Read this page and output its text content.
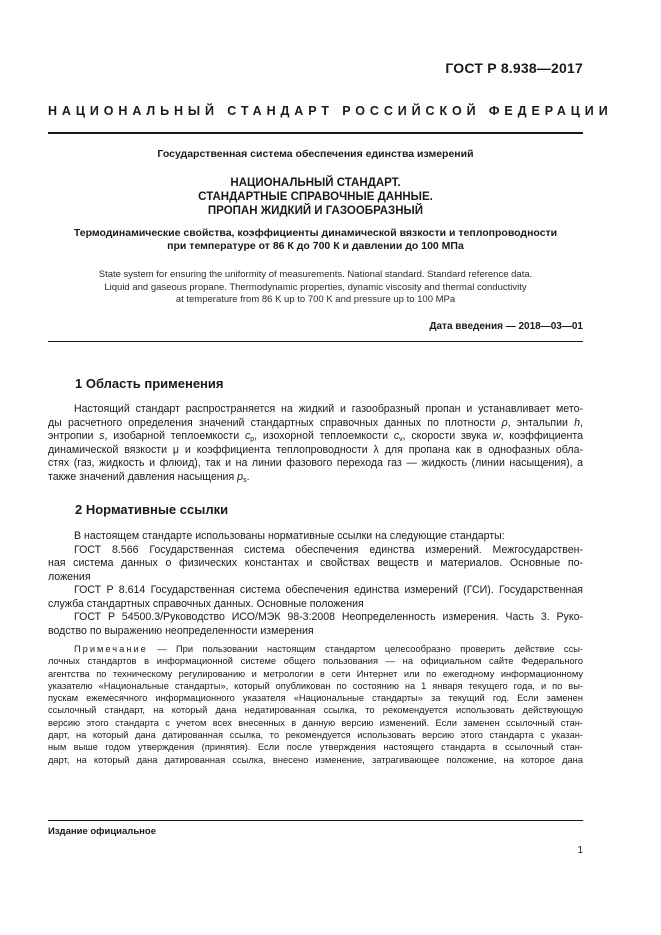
ГОСТ Р 8.938—2017
НАЦИОНАЛЬНЫЙ СТАНДАРТ РОССИЙСКОЙ ФЕДЕРАЦИИ
Государственная система обеспечения единства измерений
НАЦИОНАЛЬНЫЙ СТАНДАРТ.
СТАНДАРТНЫЕ СПРАВОЧНЫЕ ДАННЫЕ.
ПРОПАН ЖИДКИЙ И ГАЗООБРАЗНЫЙ
Термодинамические свойства, коэффициенты динамической вязкости и теплопроводности
при температуре от 86 К до 700 К и давлении до 100 МПа
State system for ensuring the uniformity of measurements. National standard. Standard reference data.
Liquid and gaseous propane. Thermodynamic properties, dynamic viscosity and thermal conductivity
at temperature from 86 K up to 700 K and pressure up to 100 MPa
Дата введения — 2018—03—01
1 Область применения
Настоящий стандарт распространяется на жидкий и газообразный пропан и устанавливает мето-
ды расчетного определения значений стандартных справочных данных по плотности ρ, энтальпии h,
энтропии s, изобарной теплоемкости $c_p$, изохорной теплоемкости $c_v$, скорости звука w, коэффициента
динамической вязкости μ и коэффициента теплопроводности λ для пропана как в однофазных обла-
стях (газ, жидкость и флюид), так и на линии фазового перехода газ — жидкость (линии насыщения), а
также значений давления насыщения $p_s$.
2 Нормативные ссылки
В настоящем стандарте использованы нормативные ссылки на следующие стандарты:
ГОСТ 8.566 Государственная система обеспечения единства измерений. Межгосударствен-
ная система данных о физических константах и свойствах веществ и материалов. Основные по-
ложения
ГОСТ Р 8.614 Государственная система обеспечения единства измерений (ГСИ). Государственная
служба стандартных справочных данных. Основные положения
ГОСТ Р 54500.3/Руководство ИСО/МЭК 98-3:2008 Неопределенность измерения. Часть 3. Руко-
водство по выражению неопределенности измерения
Примечание — При пользовании настоящим стандартом целесообразно проверить действие ссы-
лочных стандартов в информационной системе общего пользования — на официальном сайте Федерального
агентства по техническому регулированию и метрологии в сети Интернет или по ежегодному информационному
указателю «Национальные стандарты», который опубликован по состоянию на 1 января текущего года, и по вы-
пускам ежемесячного информационного указателя «Национальные стандарты» за текущий год. Если заменен
ссылочный стандарт, на который дана недатированная ссылка, то рекомендуется использовать действующую
версию этого стандарта с учетом всех внесенных в данную версию изменений. Если заменен ссылочный стан-
дарт, на который дана датированная ссылка, то рекомендуется использовать версию этого стандарта с указан-
ным выше годом утверждения (принятия). Если после утверждения настоящего стандарта в ссылочный стан-
дарт, на который дана датированная ссылка, внесено изменение, затрагивающее положение, на которое дана
Издание официальное
1
